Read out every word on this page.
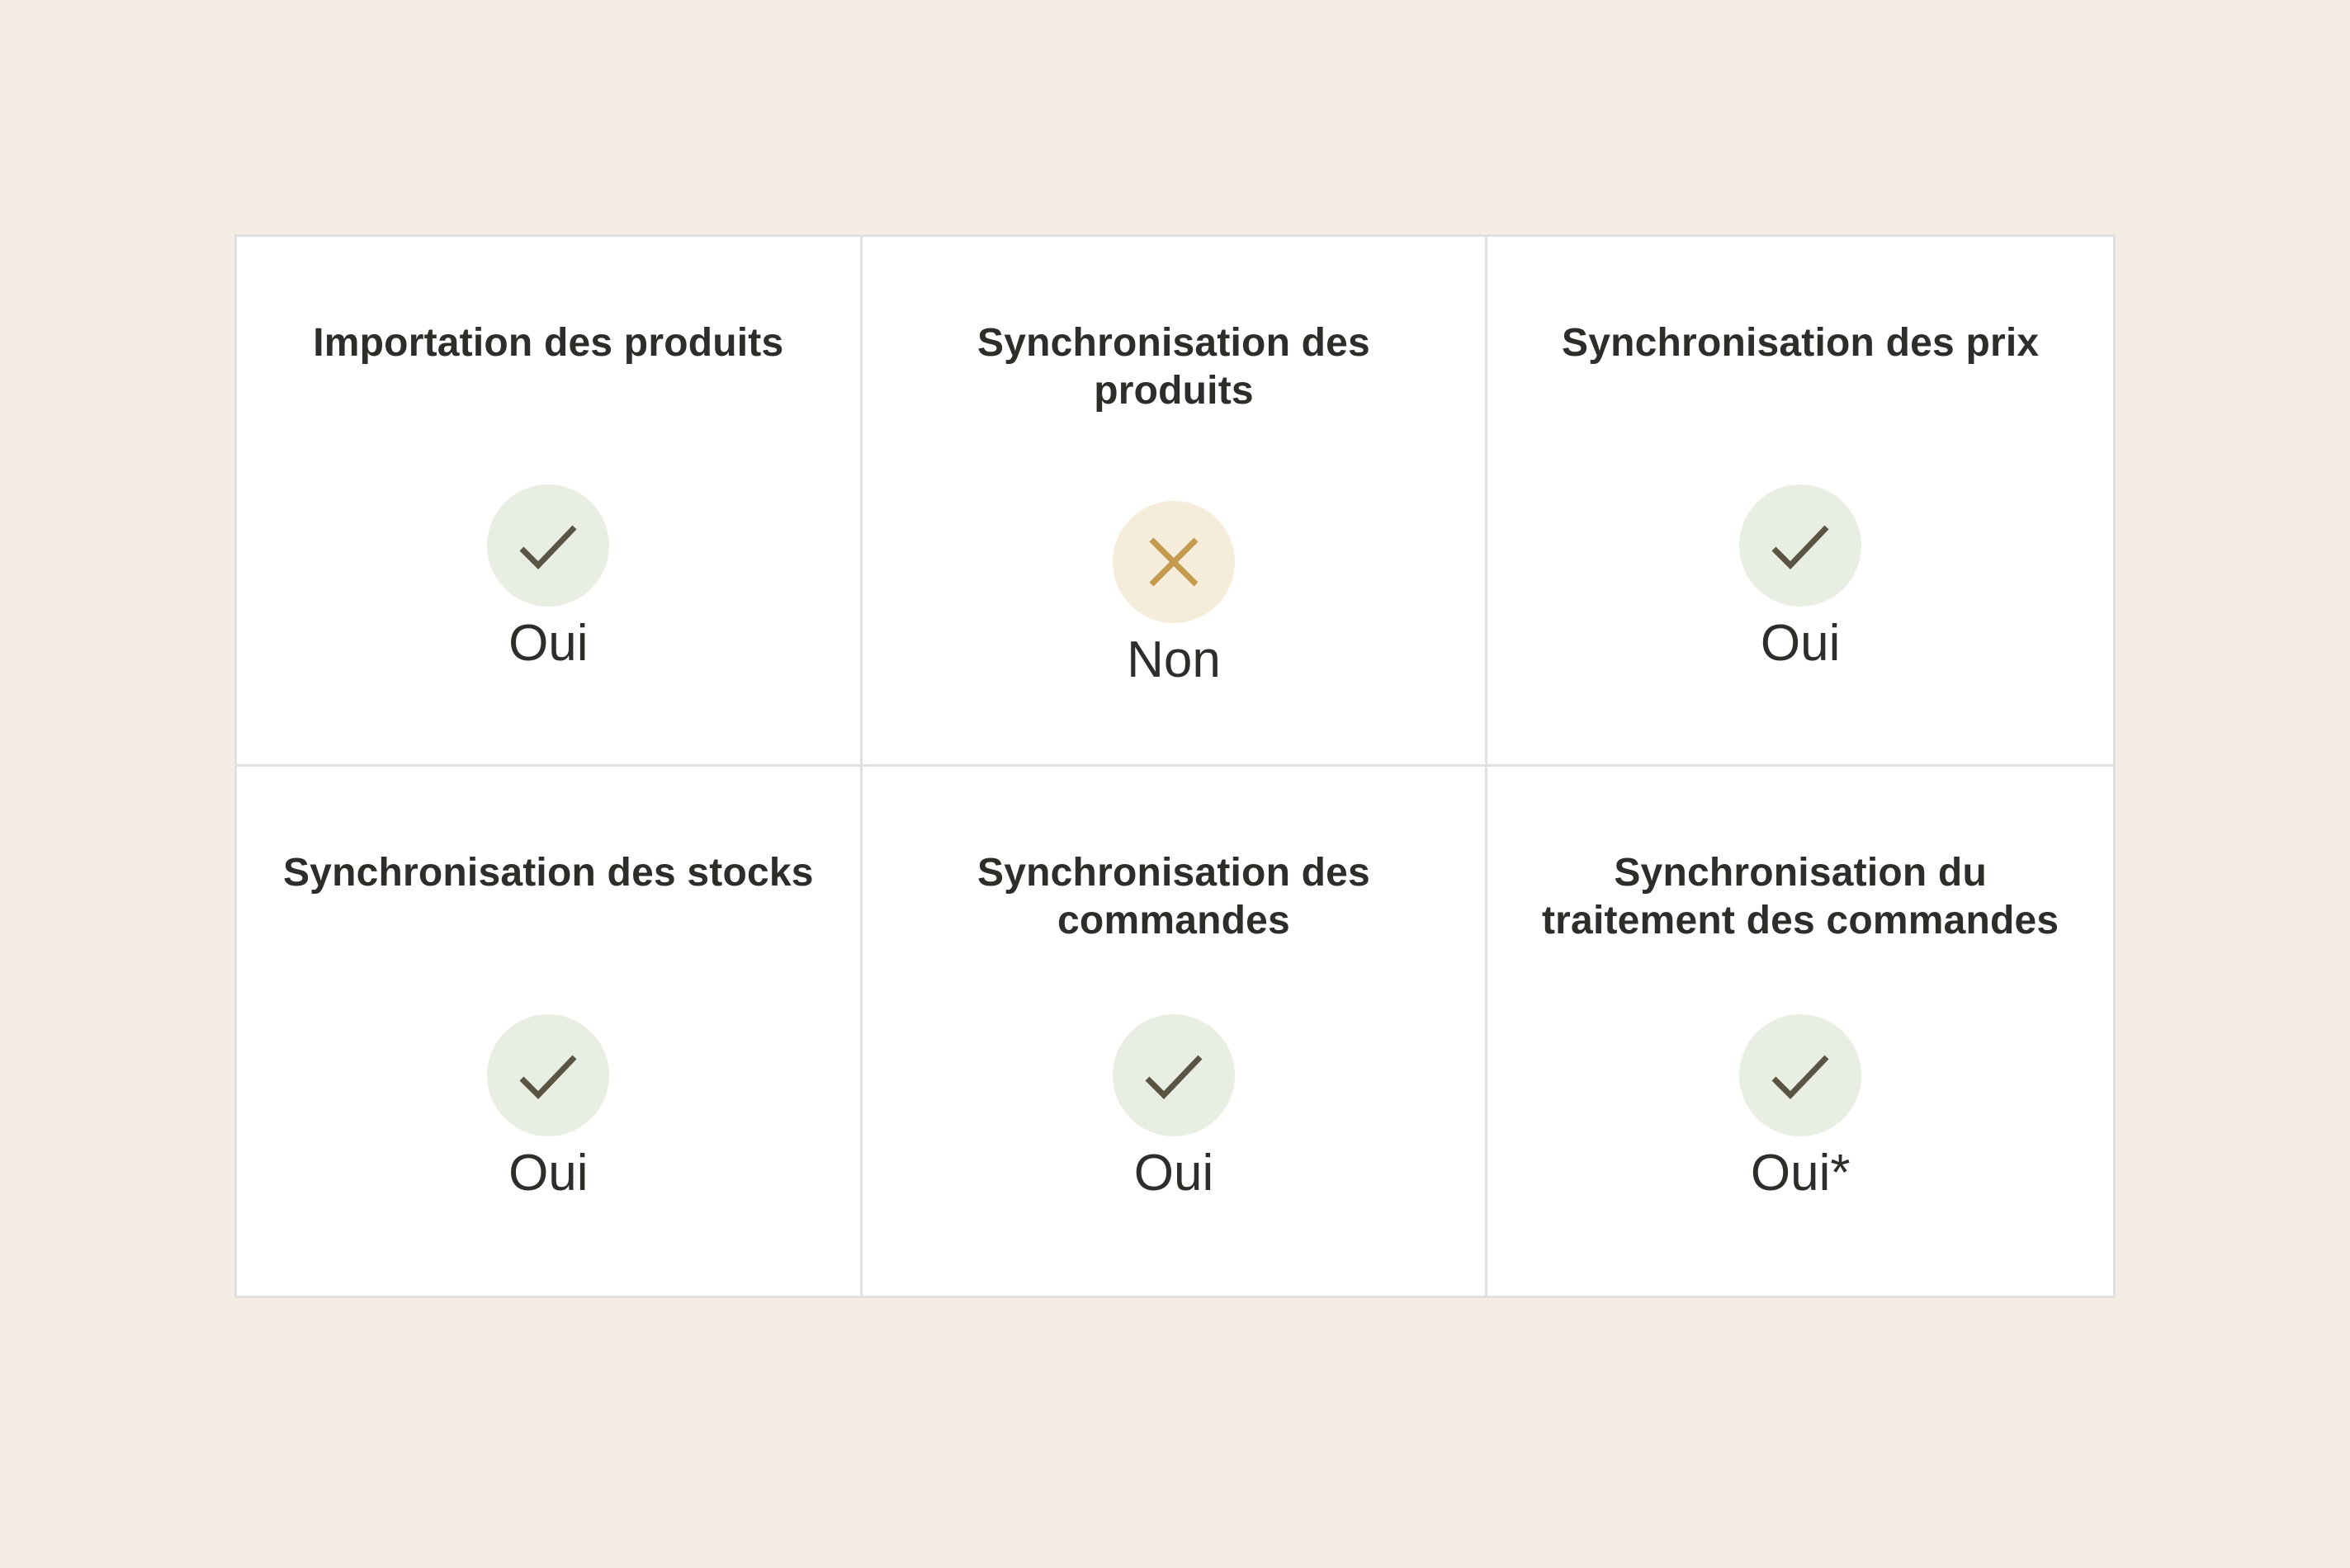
Importation des produits
Oui
Synchronisation des produits
Non
Synchronisation des prix
Oui
Synchronisation des stocks
Oui
Synchronisation des commandes
Oui
Synchronisation du traitement des commandes
Oui*
